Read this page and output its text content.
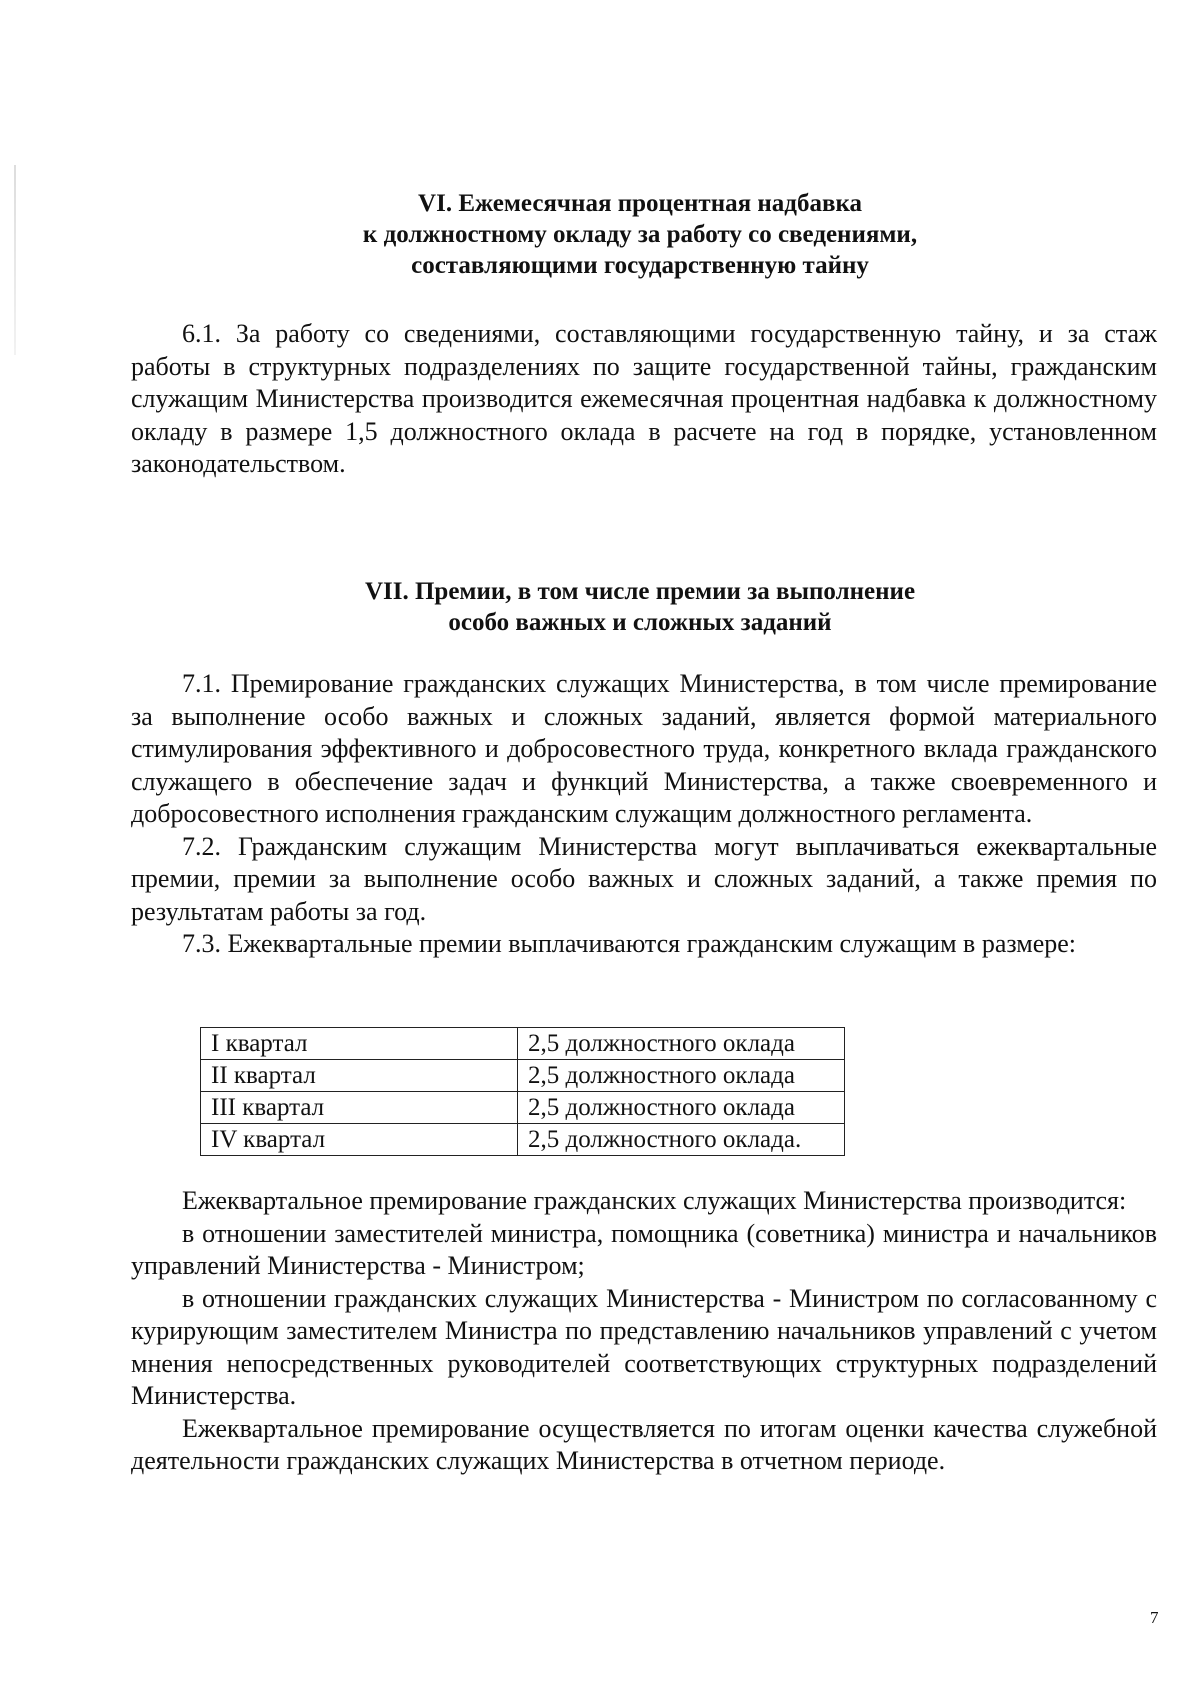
VI. Ежемесячная процентная надбавка
к должностному окладу за работу со сведениями,
составляющими государственную тайну

6.1. За работу со сведениями, составляющими государственную тайну, и за стаж работы в структурных подразделениях по защите государственной тайны, гражданским служащим Министерства производится ежемесячная процентная надбавка к должностному окладу в размере 1,5 должностного оклада в расчете на год в порядке, установленном законодательством.

VII. Премии, в том числе премии за выполнение
особо важных и сложных заданий

7.1. Премирование гражданских служащих Министерства, в том числе премирование за выполнение особо важных и сложных заданий, является формой материального стимулирования эффективного и добросовестного труда, конкретного вклада гражданского служащего в обеспечение задач и функций Министерства, а также своевременного и добросовестного исполнения гражданским служащим должностного регламента.

7.2. Гражданским служащим Министерства могут выплачиваться ежеквартальные премии, премии за выполнение особо важных и сложных заданий, а также премия по результатам работы за год.

7.3. Ежеквартальные премии выплачиваются гражданским служащим в размере:

I квартал	2,5 должностного оклада
II квартал	2,5 должностного оклада
III квартал	2,5 должностного оклада
IV квартал	2,5 должностного оклада.

Ежеквартальное премирование гражданских служащих Министерства производится:

в отношении заместителей министра, помощника (советника) министра и начальников управлений Министерства - Министром;

в отношении гражданских служащих Министерства - Министром по согласованному с курирующим заместителем Министра по представлению начальников управлений с учетом мнения непосредственных руководителей соответствующих структурных подразделений Министерства.

Ежеквартальное премирование осуществляется по итогам оценки качества служебной деятельности гражданских служащих Министерства в отчетном периоде.

7
